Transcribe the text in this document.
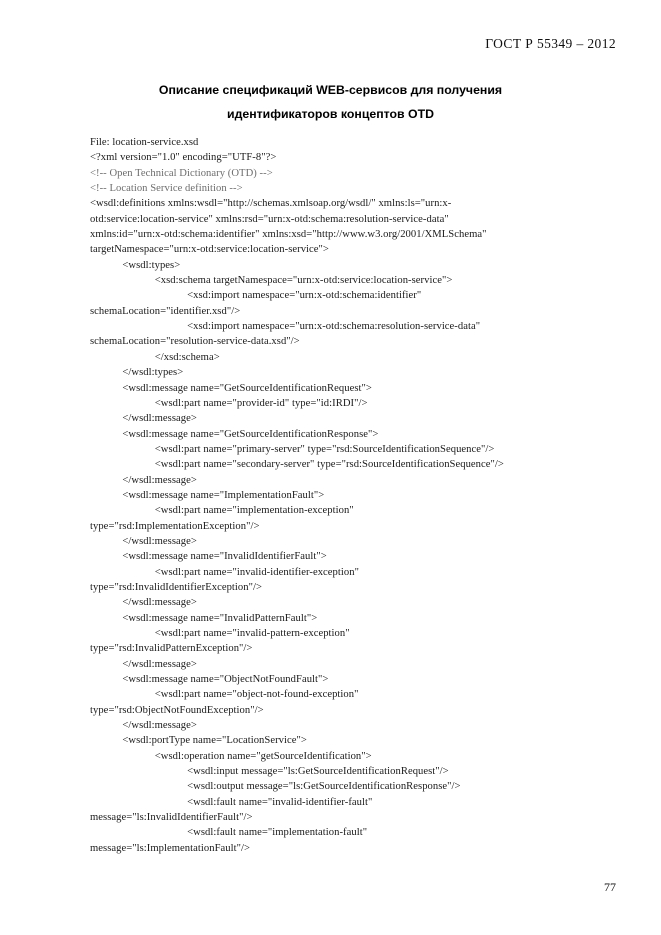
ГОСТ Р 55349 – 2012
Описание спецификаций WEB-сервисов для получения
идентификаторов концептов OTD
File: location-service.xsd
<?xml version="1.0" encoding="UTF-8"?>
<!-- Open Technical Dictionary (OTD) -->
<!-- Location Service definition -->
<wsdl:definitions xmlns:wsdl="http://schemas.xmlsoap.org/wsdl/" xmlns:ls="urn:x-
otd:service:location-service" xmlns:rsd="urn:x-otd:schema:resolution-service-data"
xmlns:id="urn:x-otd:schema:identifier" xmlns:xsd="http://www.w3.org/2001/XMLSchema"
targetNamespace="urn:x-otd:service:location-service">
<wsdl:types>
<xsd:schema targetNamespace="urn:x-otd:service:location-service">
<xsd:import namespace="urn:x-otd:schema:identifier"
schemaLocation="identifier.xsd"/>
<xsd:import namespace="urn:x-otd:schema:resolution-service-data"
schemaLocation="resolution-service-data.xsd"/>
</xsd:schema>
</wsdl:types>
<wsdl:message name="GetSourceIdentificationRequest">
<wsdl:part name="provider-id" type="id:IRDI"/>
</wsdl:message>
<wsdl:message name="GetSourceIdentificationResponse">
<wsdl:part name="primary-server" type="rsd:SourceIdentificationSequence"/>
<wsdl:part name="secondary-server" type="rsd:SourceIdentificationSequence"/>
</wsdl:message>
<wsdl:message name="ImplementationFault">
<wsdl:part name="implementation-exception"
type="rsd:ImplementationException"/>
</wsdl:message>
<wsdl:message name="InvalidIdentifierFault">
<wsdl:part name="invalid-identifier-exception"
type="rsd:InvalidIdentifierException"/>
</wsdl:message>
<wsdl:message name="InvalidPatternFault">
<wsdl:part name="invalid-pattern-exception"
type="rsd:InvalidPatternException"/>
</wsdl:message>
<wsdl:message name="ObjectNotFoundFault">
<wsdl:part name="object-not-found-exception"
type="rsd:ObjectNotFoundException"/>
</wsdl:message>
<wsdl:portType name="LocationService">
<wsdl:operation name="getSourceIdentification">
<wsdl:input message="ls:GetSourceIdentificationRequest"/>
<wsdl:output message="ls:GetSourceIdentificationResponse"/>
<wsdl:fault name="invalid-identifier-fault"
message="ls:InvalidIdentifierFault"/>
<wsdl:fault name="implementation-fault"
message="ls:ImplementationFault"/>
77
